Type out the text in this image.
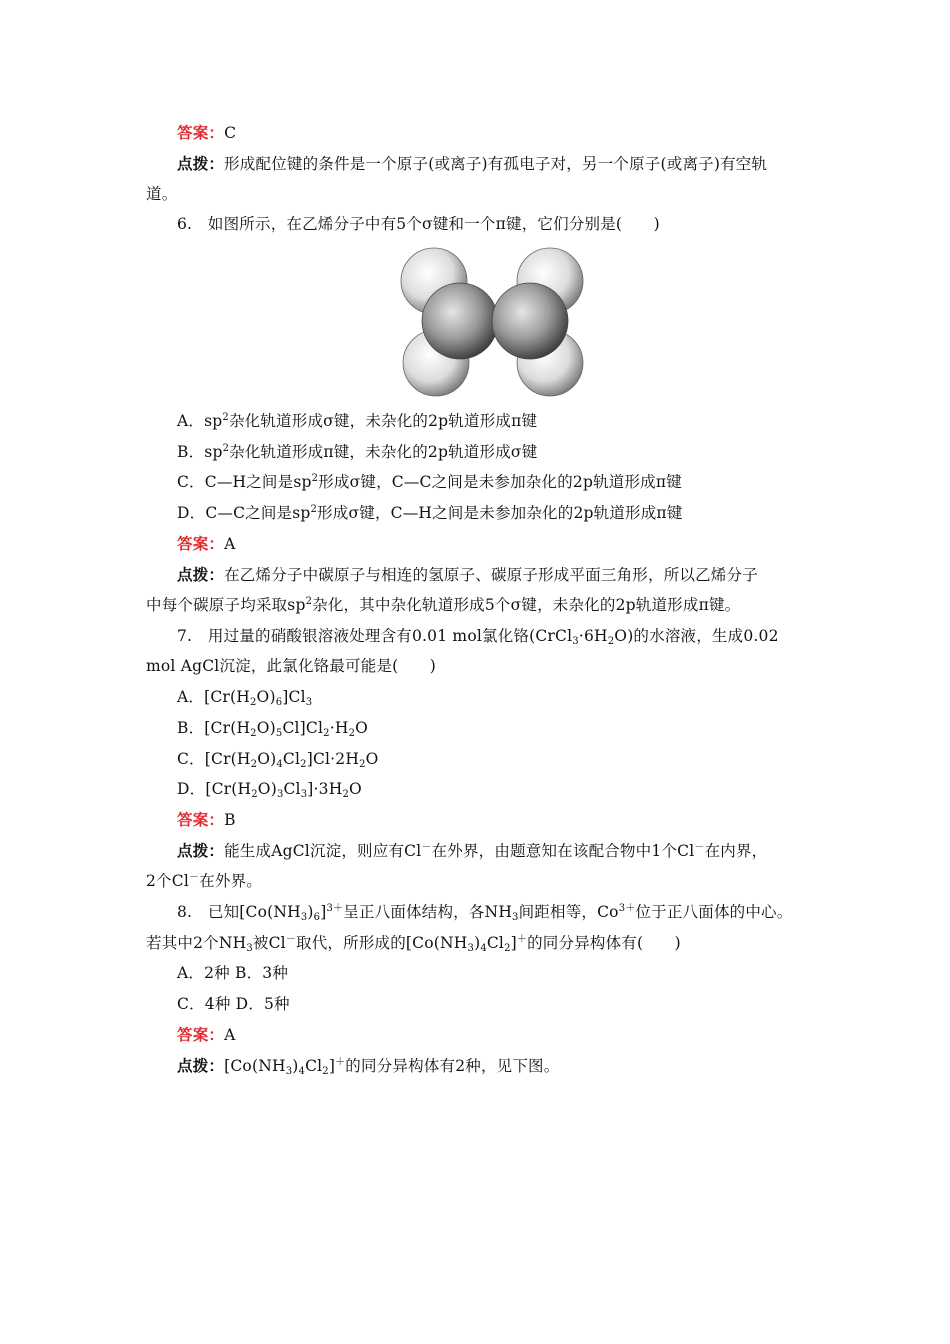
答案：C
点拨：形成配位键的条件是一个原子(或离子)有孤电子对，另一个原子(或离子)有空轨
道。
6.　如图所示，在乙烯分子中有5个σ键和一个π键，它们分别是(　　)
A．$sp^2$杂化轨道形成σ键，未杂化的2p轨道形成π键
B．$sp^2$杂化轨道形成π键，未杂化的2p轨道形成σ键
C．C—H之间是$sp^2$形成σ键，C—C之间是未参加杂化的2p轨道形成π键
D．C—C之间是$sp^2$形成σ键，C—H之间是未参加杂化的2p轨道形成π键
答案：A
点拨：在乙烯分子中碳原子与相连的氢原子、碳原子形成平面三角形，所以乙烯分子
中每个碳原子均采取$sp^2$杂化，其中杂化轨道形成5个σ键，未杂化的2p轨道形成π键。
7.　用过量的硝酸银溶液处理含有0.01 mol氯化铬$(CrCl_3\cdot 6H_2O)$的水溶液，生成0.02
mol AgCl沉淀，此氯化铬最可能是(　　)
A．$[Cr(H_2O)_6]Cl_3$
B．$[Cr(H_2O)_5Cl]Cl_2\cdot H_2O$
C．$[Cr(H_2O)_4Cl_2]Cl\cdot 2H_2O$
D．$[Cr(H_2O)_3Cl_3]\cdot 3H_2O$
答案：B
点拨：能生成AgCl沉淀，则应有Cl－在外界，由题意知在该配合物中1个Cl－在内界，
2个Cl－在外界。
8.　已知$[Co(NH_3)_6]^{3+}$呈正八面体结构，各$NH_3$间距相等，$Co^{3+}$位于正八面体的中心。
若其中2个$NH_3$被Cl－取代，所形成的$[Co(NH_3)_4Cl_2]^+$的同分异构体有(　　)
A．2种 B．3种
C．4种 D．5种
答案：A
点拨：$[Co(NH_3)_4Cl_2]^+$的同分异构体有2种，见下图。
